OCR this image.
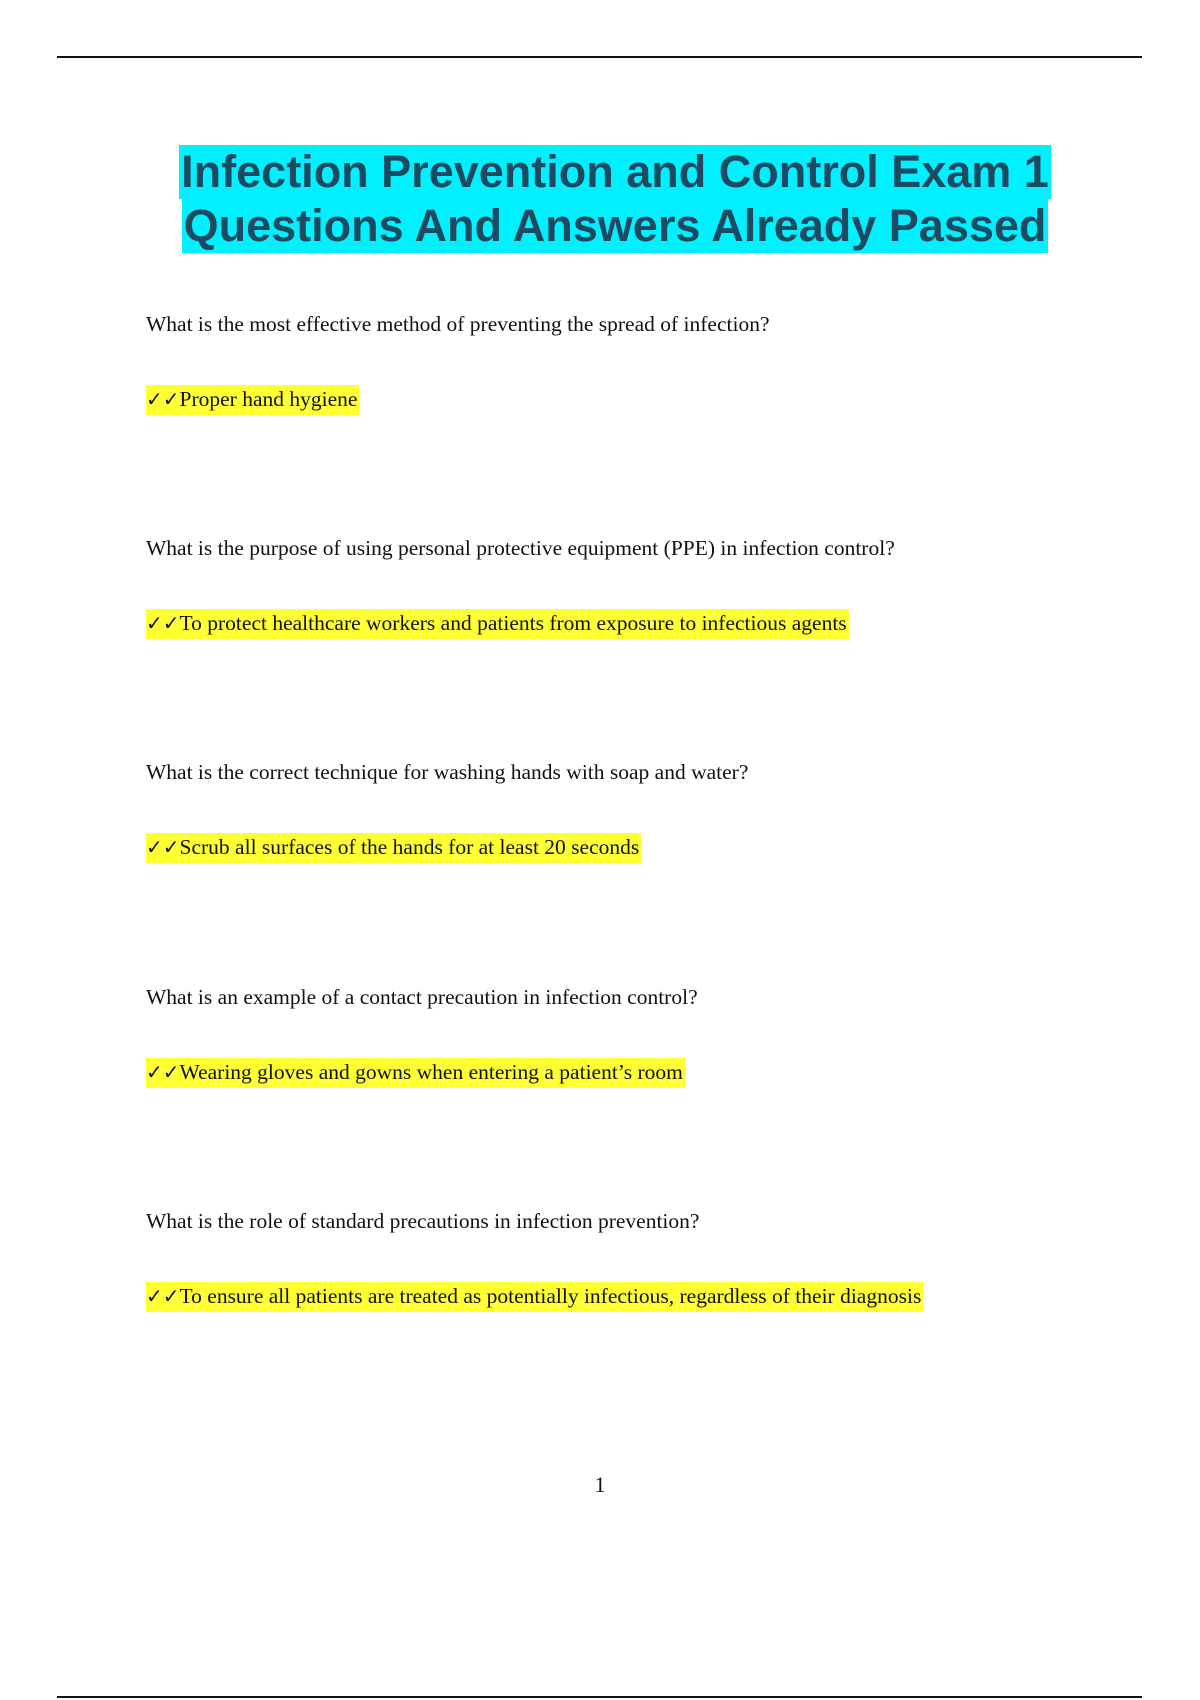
Infection Prevention and Control Exam 1
Questions And Answers Already Passed
What is the most effective method of preventing the spread of infection?
✓✓Proper hand hygiene
What is the purpose of using personal protective equipment (PPE) in infection control?
✓✓To protect healthcare workers and patients from exposure to infectious agents
What is the correct technique for washing hands with soap and water?
✓✓Scrub all surfaces of the hands for at least 20 seconds
What is an example of a contact precaution in infection control?
✓✓Wearing gloves and gowns when entering a patient’s room
What is the role of standard precautions in infection prevention?
✓✓To ensure all patients are treated as potentially infectious, regardless of their diagnosis
1
